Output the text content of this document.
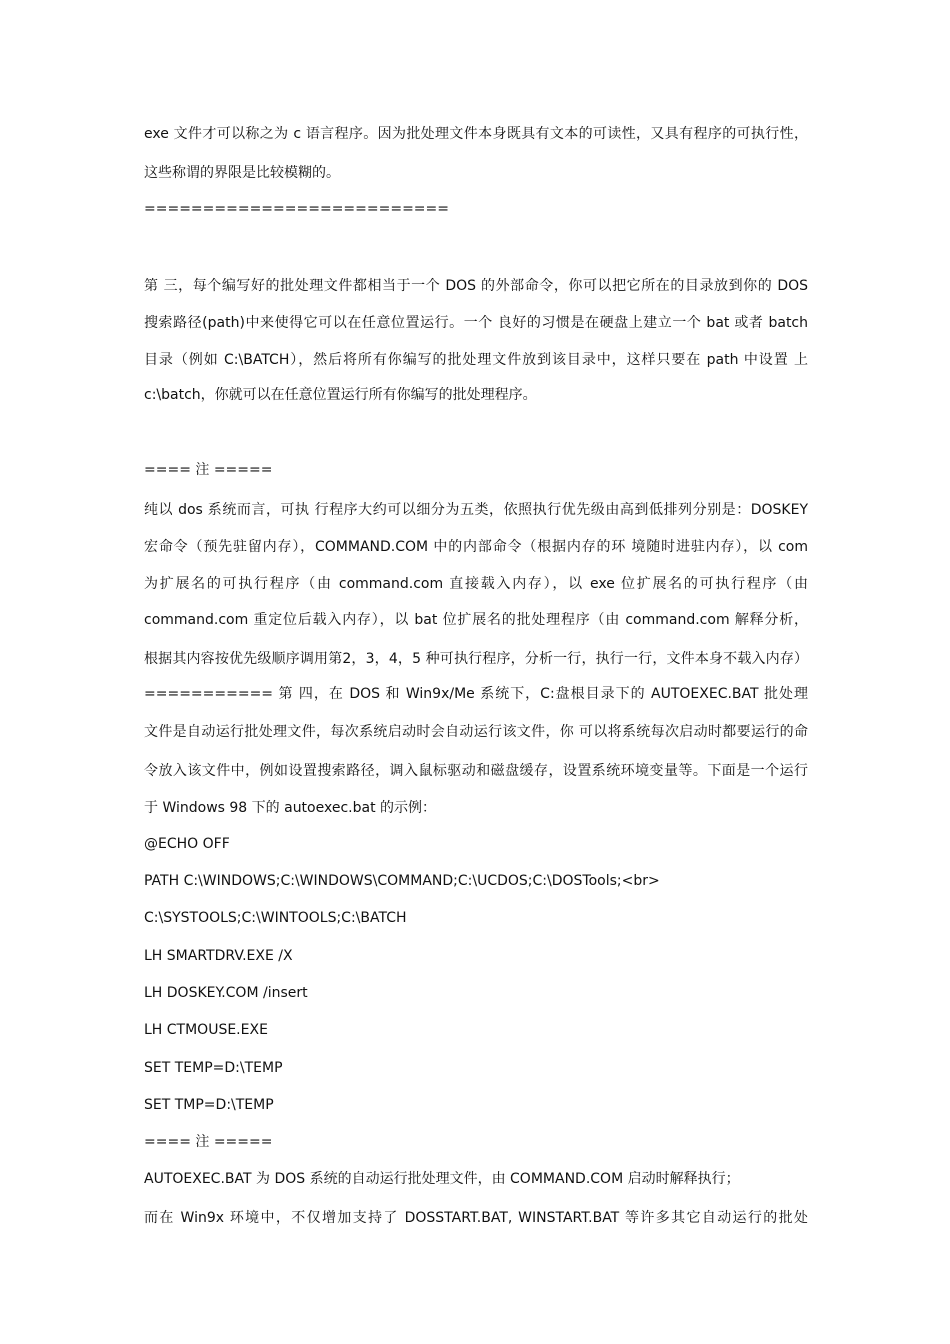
exe 文件才可以称之为 c 语言程序。因为批处理文件本身既具有文本的可读性，又具有程序的可执行性，
这些称谓的界限是比较模糊的。
==========================
第 三，每个编写好的批处理文件都相当于一个 DOS 的外部命令，你可以把它所在的目录放到你的 DOS
搜索路径(path)中来使得它可以在任意位置运行。一个 良好的习惯是在硬盘上建立一个 bat 或者 batch
目录（例如 C:\BATCH），然后将所有你编写的批处理文件放到该目录中，这样只要在 path 中设置 上
c:\batch，你就可以在任意位置运行所有你编写的批处理程序。
==== 注 =====
纯以 dos 系统而言，可执 行程序大约可以细分为五类，依照执行优先级由高到低排列分别是：DOSKEY
宏命令（预先驻留内存），COMMAND.COM 中的内部命令（根据内存的环 境随时进驻内存），以 com
为扩展名的可执行程序（由 command.com 直接载入内存），以 exe 位扩展名的可执行程序（由
command.com 重定位后载入内存），以 bat 位扩展名的批处理程序（由 command.com 解释分析，
根据其内容按优先级顺序调用第2，3，4，5 种可执行程序，分析一行，执行一行，文件本身不载入内存）
=========== 第 四，在 DOS 和 Win9x/Me 系统下，C:盘根目录下的 AUTOEXEC.BAT 批处理
文件是自动运行批处理文件，每次系统启动时会自动运行该文件，你 可以将系统每次启动时都要运行的命
令放入该文件中，例如设置搜索路径，调入鼠标驱动和磁盘缓存，设置系统环境变量等。下面是一个运行
于 Windows 98 下的 autoexec.bat 的示例：
@ECHO OFF
PATH C:\WINDOWS;C:\WINDOWS\COMMAND;C:\UCDOS;C:\DOSTools;<br>
C:\SYSTOOLS;C:\WINTOOLS;C:\BATCH
LH SMARTDRV.EXE /X
LH DOSKEY.COM /insert
LH CTMOUSE.EXE
SET TEMP=D:\TEMP
SET TMP=D:\TEMP
==== 注 =====
AUTOEXEC.BAT 为 DOS 系统的自动运行批处理文件，由 COMMAND.COM 启动时解释执行；
而在 Win9x 环境中，不仅增加支持了 DOSSTART.BAT, WINSTART.BAT 等许多其它自动运行的批处
